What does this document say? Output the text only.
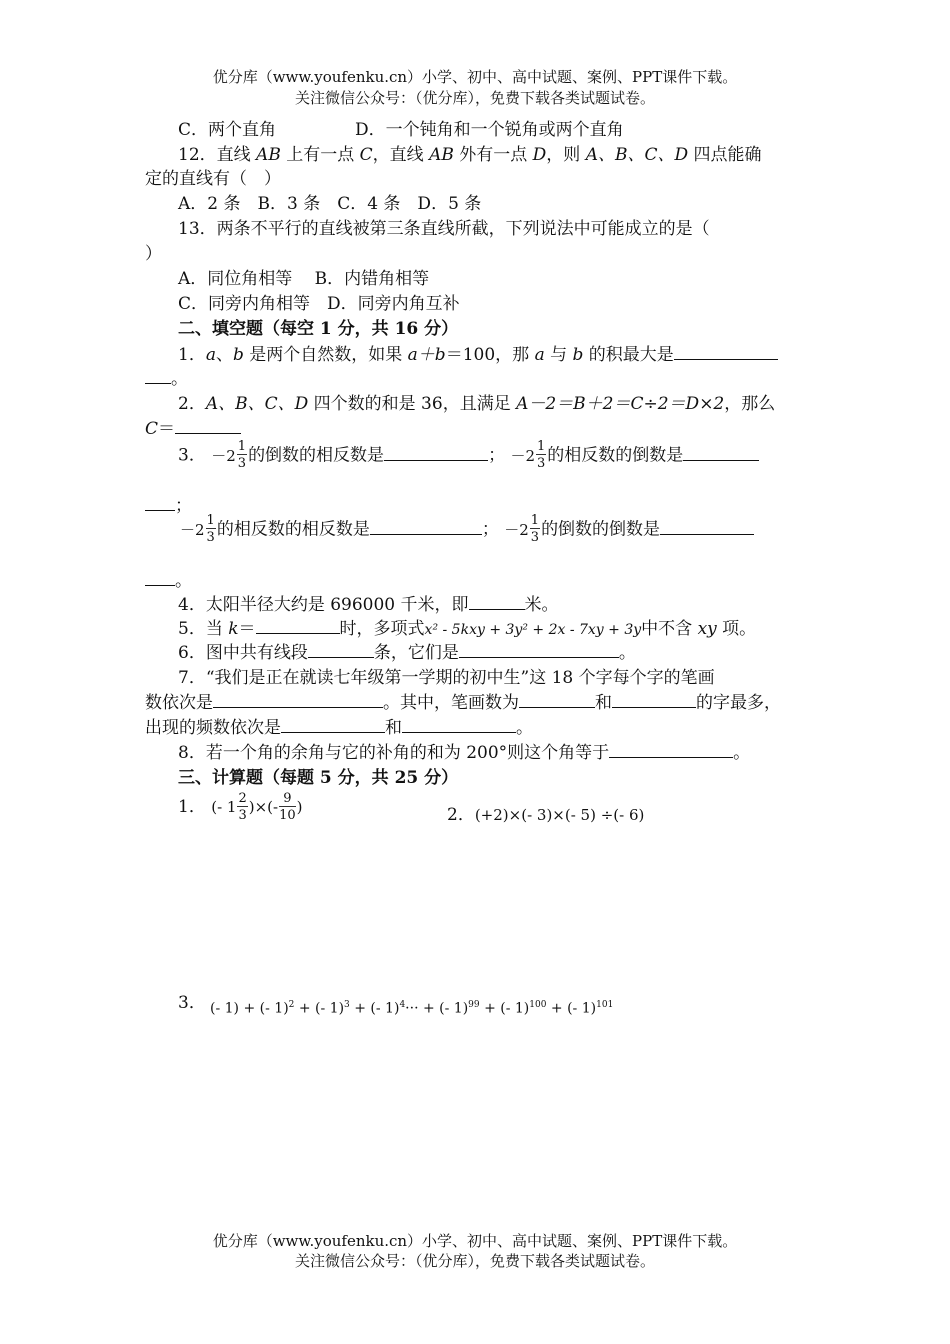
优分库（www.youfenku.cn）小学、初中、高中试题、案例、PPT课件下载。
关注微信公众号：（优分库），免费下载各类试题试卷。
C．两个直角	D．一个钝角和一个锐角或两个直角
12．直线 AB 上有一点 C，直线 AB 外有一点 D，则 A、B、C、D 四点能确
定的直线有（　）
A．2 条　B．3 条　C．4 条　D．5 条
13．两条不平行的直线被第三条直线所截，下列说法中可能成立的是（
）
A．同位角相等　 B．内错角相等
C．同旁内角相等　D．同旁内角互补
二、填空题（每空 1 分，共 16 分）
1．a、b 是两个自然数，如果 a＋b＝100，那 a 与 b 的积最大是
。
2．A、B、C、D 四个数的和是 36，且满足 A－2＝B＋2＝C÷2＝D×2，那么
C＝
3． $-2 \frac{1}{3}$ 的倒数的相反数是	； $-2 \frac{1}{3}$ 的相反数的倒数是
；
$-2 \frac{1}{3}$ 的相反数的相反数是	； $-2 \frac{1}{3}$ 的倒数的倒数是
。
4．太阳半径大约是 696000 千米，即	米。
5．当 k＝	时，多项式x² - 5kxy + 3y² + 2x - 7xy + 3y中不含 xy 项。
6．图中共有线段	条，它们是	。
7．“我们是正在就读七年级第一学期的初中生”这 18 个字每个字的笔画
数依次是	。其中，笔画数为	和	的字最多，
出现的频数依次是	和	。
8．若一个角的余角与它的补角的和为 200°则这个角等于	。
三、计算题（每题 5 分，共 25 分）
1． (- $1 \frac{2}{3}$ )×(- $\frac{9}{10}$ )	2．(+2)×(- 3)×(- 5) ÷(- 6)
3． (- 1) + (- 1)$^2$ + (- 1)$^3$ + (- 1)$^4$··· + (- 1)$^{99}$ + (- 1)$^{100}$ + (- 1)$^{101}$
优分库（www.youfenku.cn）小学、初中、高中试题、案例、PPT课件下载。
关注微信公众号：（优分库），免费下载各类试题试卷。
